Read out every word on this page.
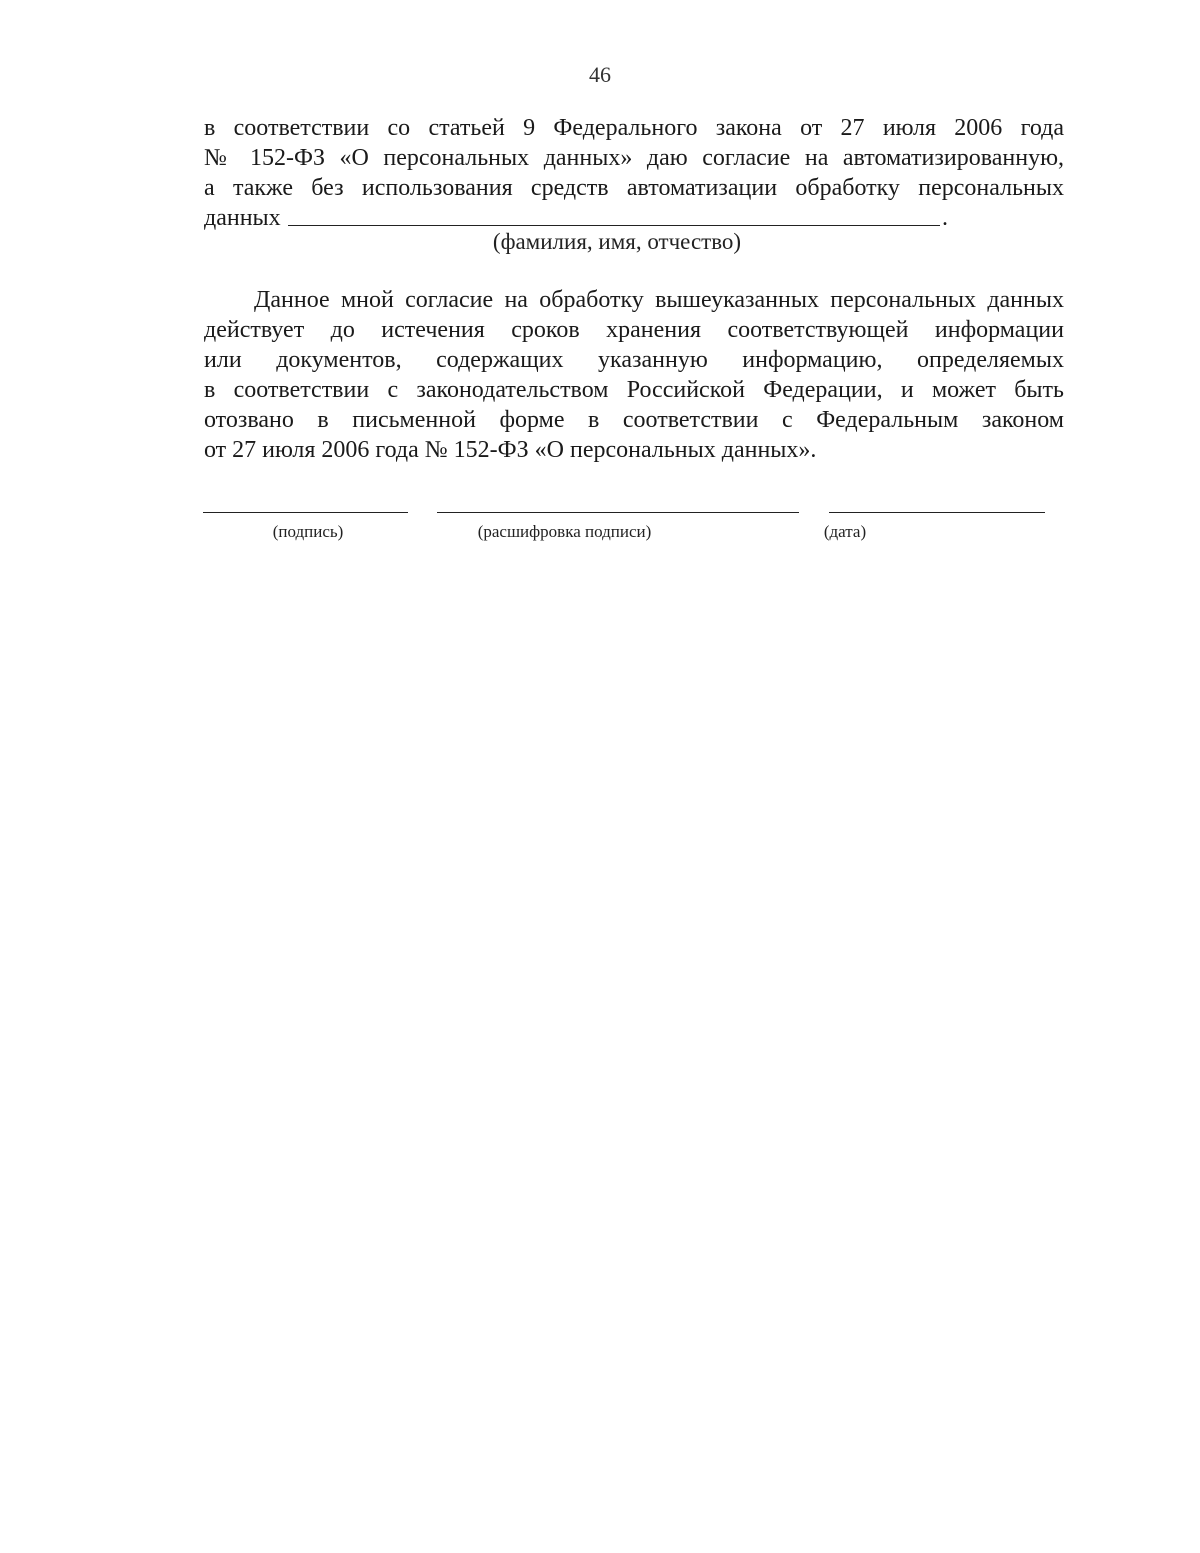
46
в соответствии со статьей 9 Федерального закона от 27 июля 2006 года
№ 152-ФЗ «О персональных данных» даю согласие на автоматизированную,
а также без использования средств автоматизации обработку персональных
данных	.
(фамилия, имя, отчество)
Данное мной согласие на обработку вышеуказанных персональных данных
действует до истечения сроков хранения соответствующей информации
или документов, содержащих указанную информацию, определяемых
в соответствии с законодательством Российской Федерации, и может быть
отозвано в письменной форме в соответствии с Федеральным законом
от 27 июля 2006 года № 152-ФЗ «О персональных данных».
(подпись)	(расшифровка подписи)	(дата)
